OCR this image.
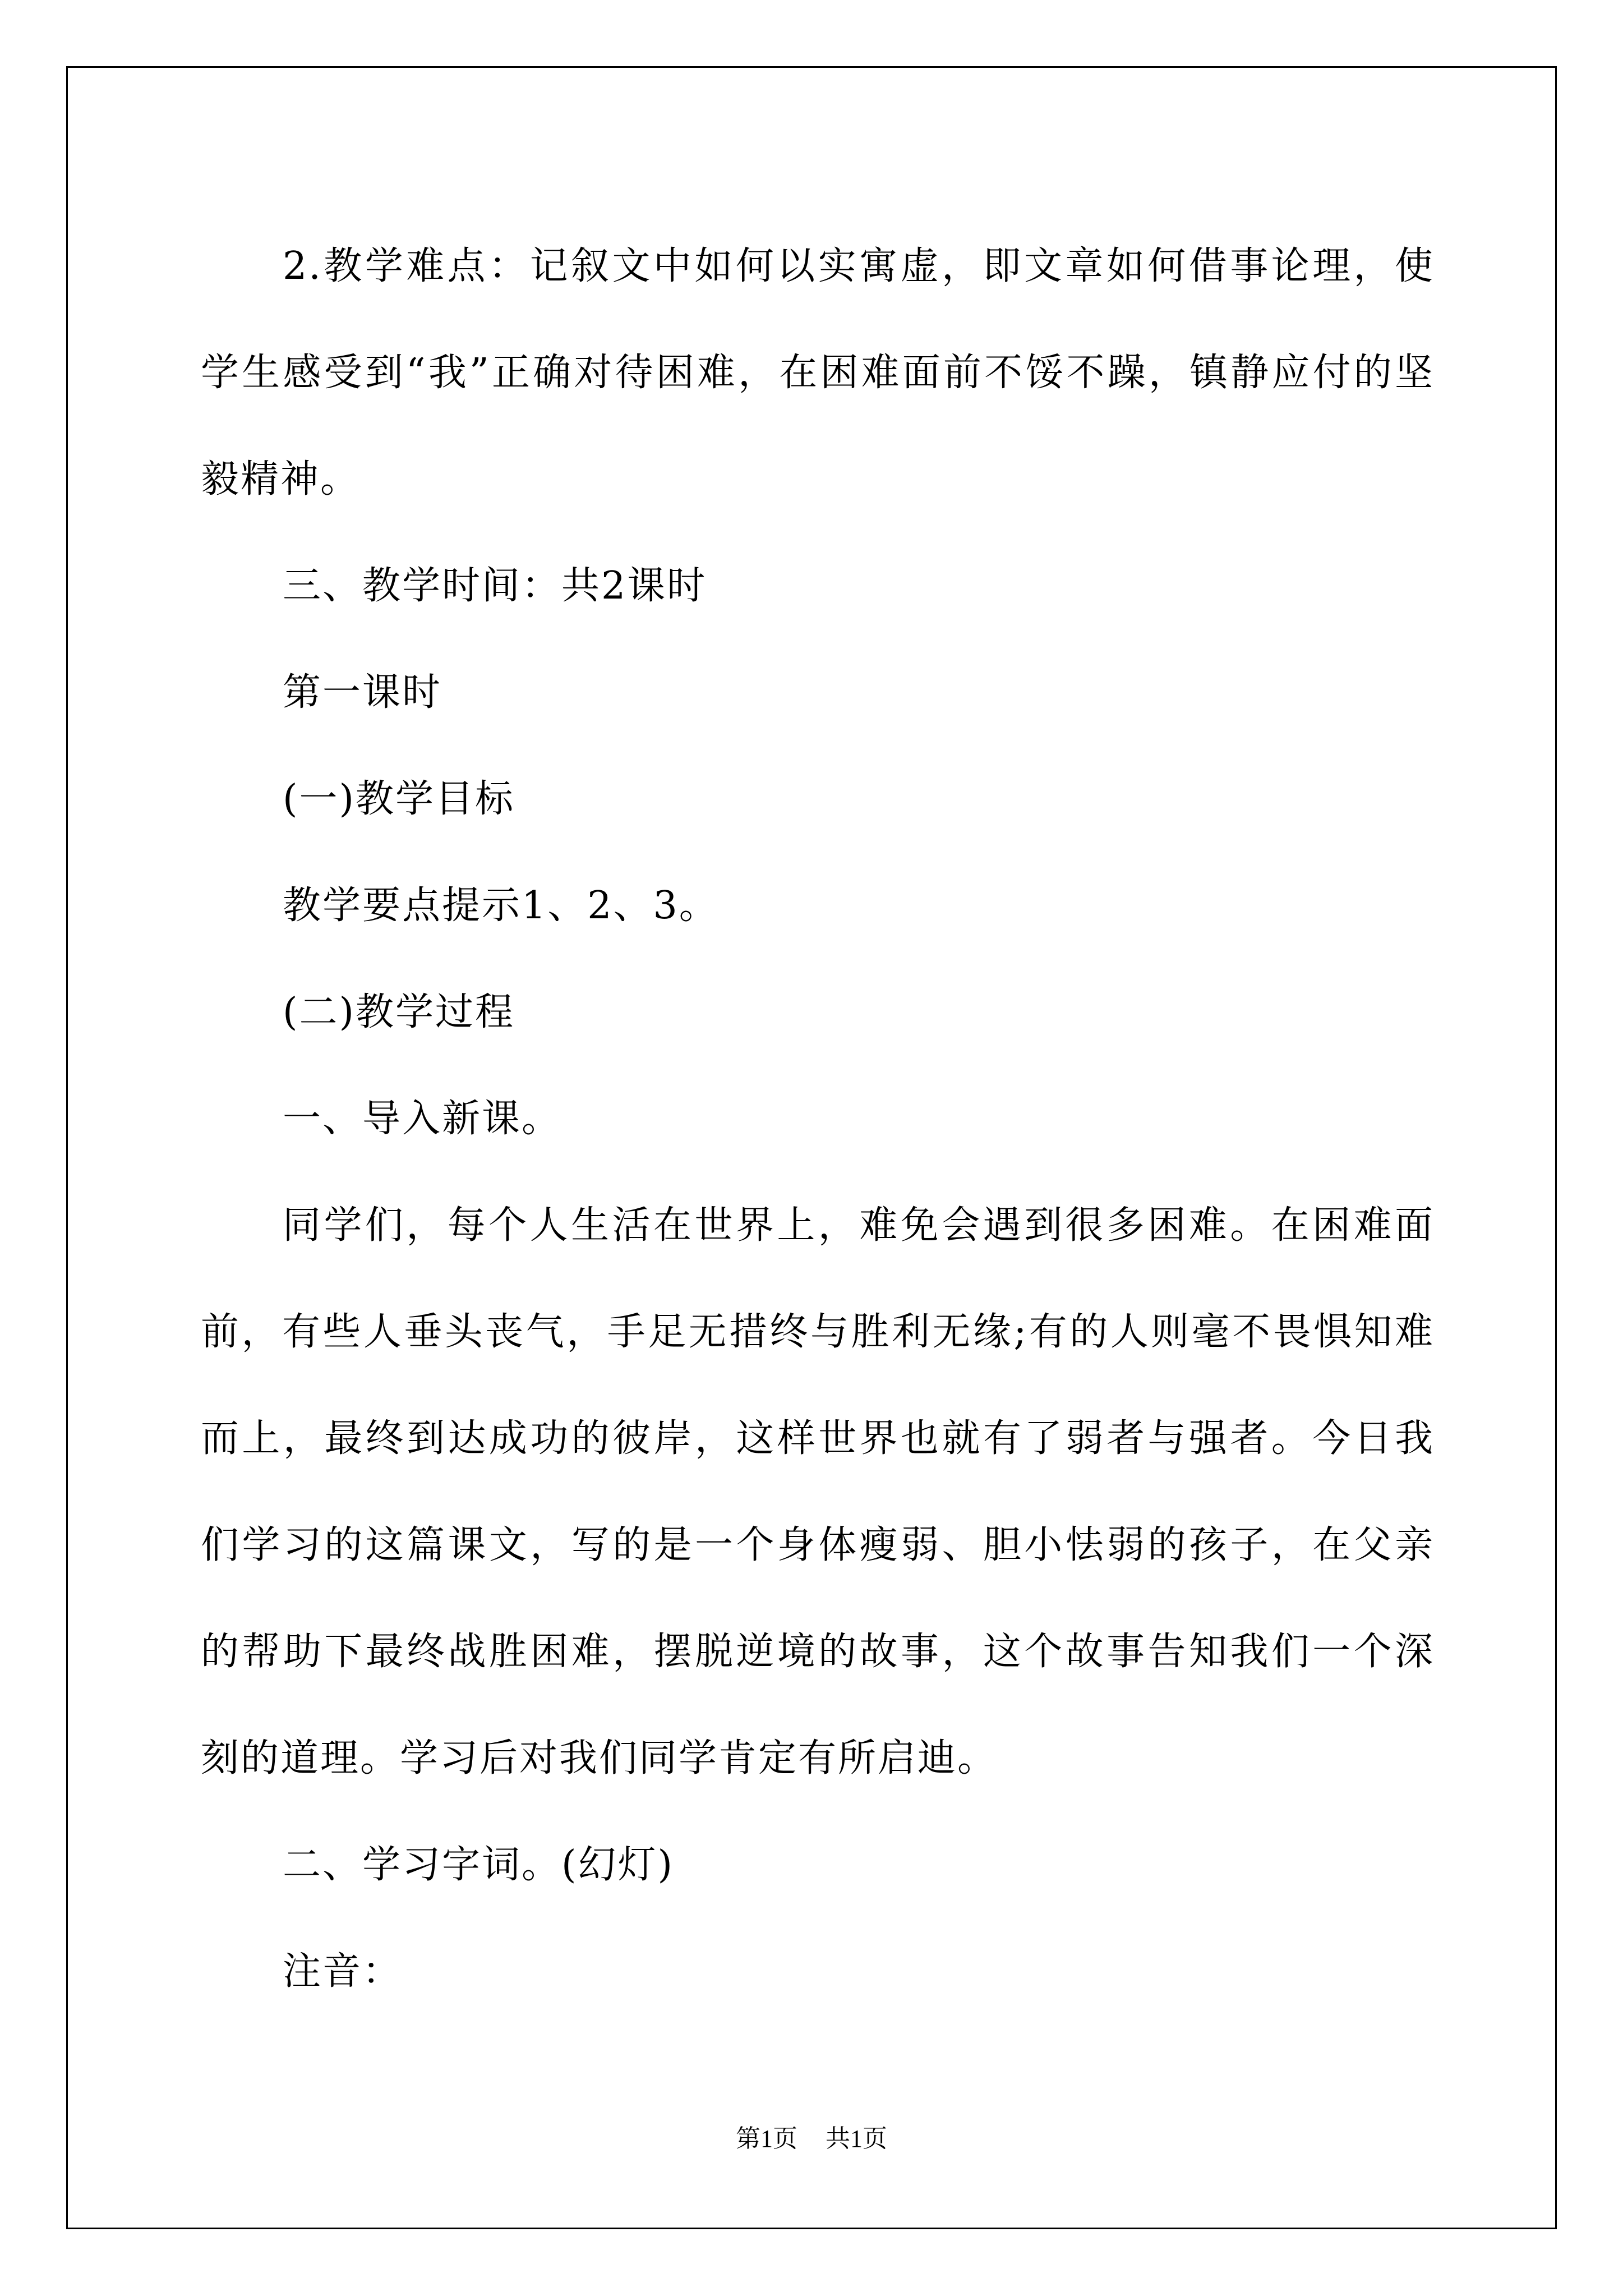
2.教学难点：记叙文中如何以实寓虚，即文章如何借事论理，使学生感受到“我”正确对待困难，在困难面前不馁不躁，镇静应付的坚毅精神。

三、教学时间：共2课时

第一课时

(一)教学目标

教学要点提示1、2、3。

(二)教学过程

一、导入新课。

同学们，每个人生活在世界上，难免会遇到很多困难。在困难面前，有些人垂头丧气，手足无措终与胜利无缘;有的人则毫不畏惧知难而上，最终到达成功的彼岸，这样世界也就有了弱者与强者。今日我们学习的这篇课文，写的是一个身体瘦弱、胆小怯弱的孩子，在父亲的帮助下最终战胜困难，摆脱逆境的故事，这个故事告知我们一个深刻的道理。学习后对我们同学肯定有所启迪。

二、学习字词。(幻灯)

注音：

第1页 共1页
